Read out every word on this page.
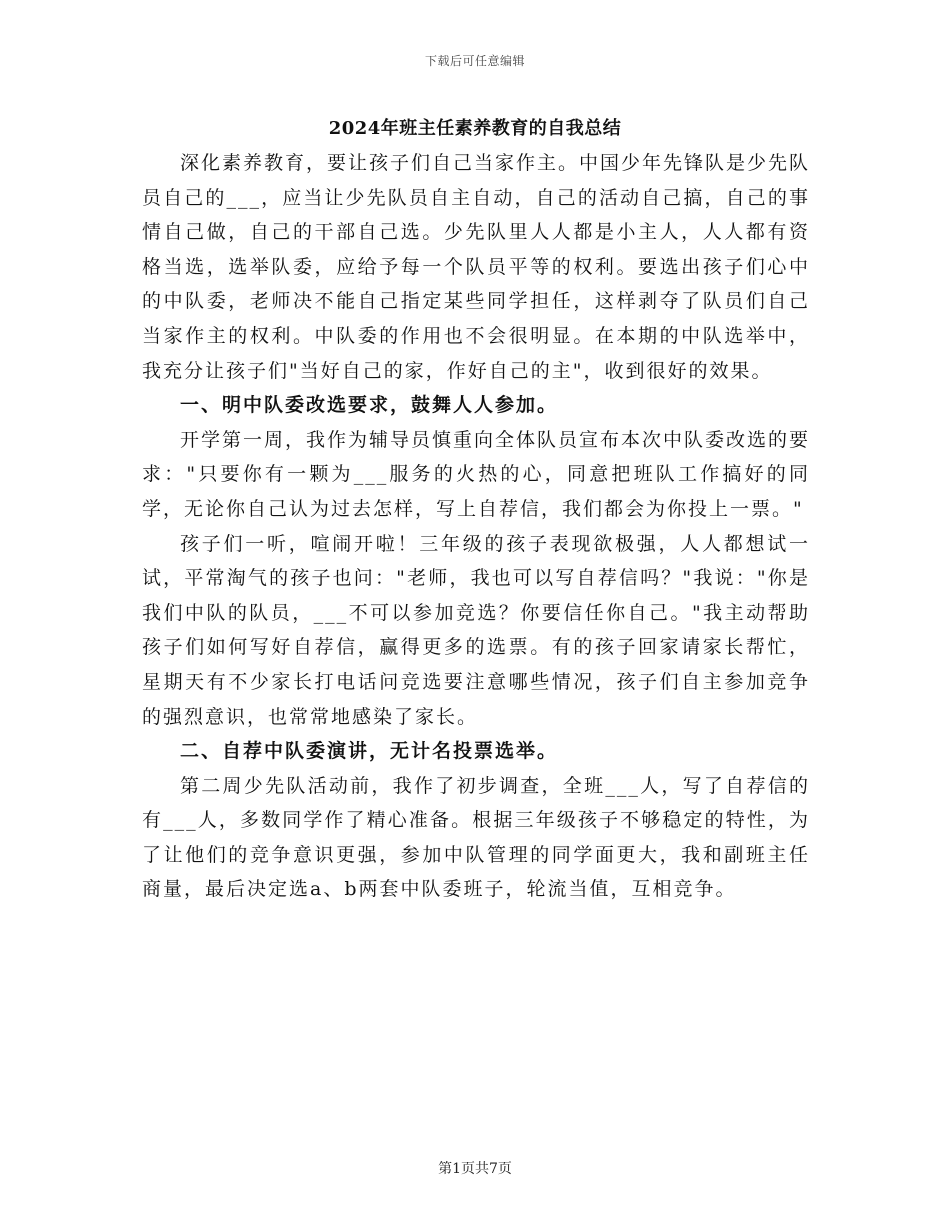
下载后可任意编辑
2024年班主任素养教育的自我总结

深化素养教育，要让孩子们自己当家作主。中国少年先锋队是少先队员自己的___，应当让少先队员自主自动，自己的活动自己搞，自己的事情自己做，自己的干部自己选。少先队里人人都是小主人，人人都有资格当选，选举队委，应给予每一个队员平等的权利。要选出孩子们心中的中队委，老师决不能自己指定某些同学担任，这样剥夺了队员们自己当家作主的权利。中队委的作用也不会很明显。在本期的中队选举中，我充分让孩子们"当好自己的家，作好自己的主"，收到很好的效果。

一、明中队委改选要求，鼓舞人人参加。

开学第一周，我作为辅导员慎重向全体队员宣布本次中队委改选的要求："只要你有一颗为___服务的火热的心，同意把班队工作搞好的同学，无论你自己认为过去怎样，写上自荐信，我们都会为你投上一票。"

孩子们一听，喧闹开啦！三年级的孩子表现欲极强，人人都想试一试，平常淘气的孩子也问："老师，我也可以写自荐信吗？"我说："你是我们中队的队员，___不可以参加竞选？你要信任你自己。"我主动帮助孩子们如何写好自荐信，赢得更多的选票。有的孩子回家请家长帮忙，星期天有不少家长打电话问竞选要注意哪些情况，孩子们自主参加竞争的强烈意识，也常常地感染了家长。

二、自荐中队委演讲，无计名投票选举。

第二周少先队活动前，我作了初步调查，全班___人，写了自荐信的有___人，多数同学作了精心准备。根据三年级孩子不够稳定的特性，为了让他们的竞争意识更强，参加中队管理的同学面更大，我和副班主任商量，最后决定选a、b两套中队委班子，轮流当值，互相竞争。

第1页共7页
